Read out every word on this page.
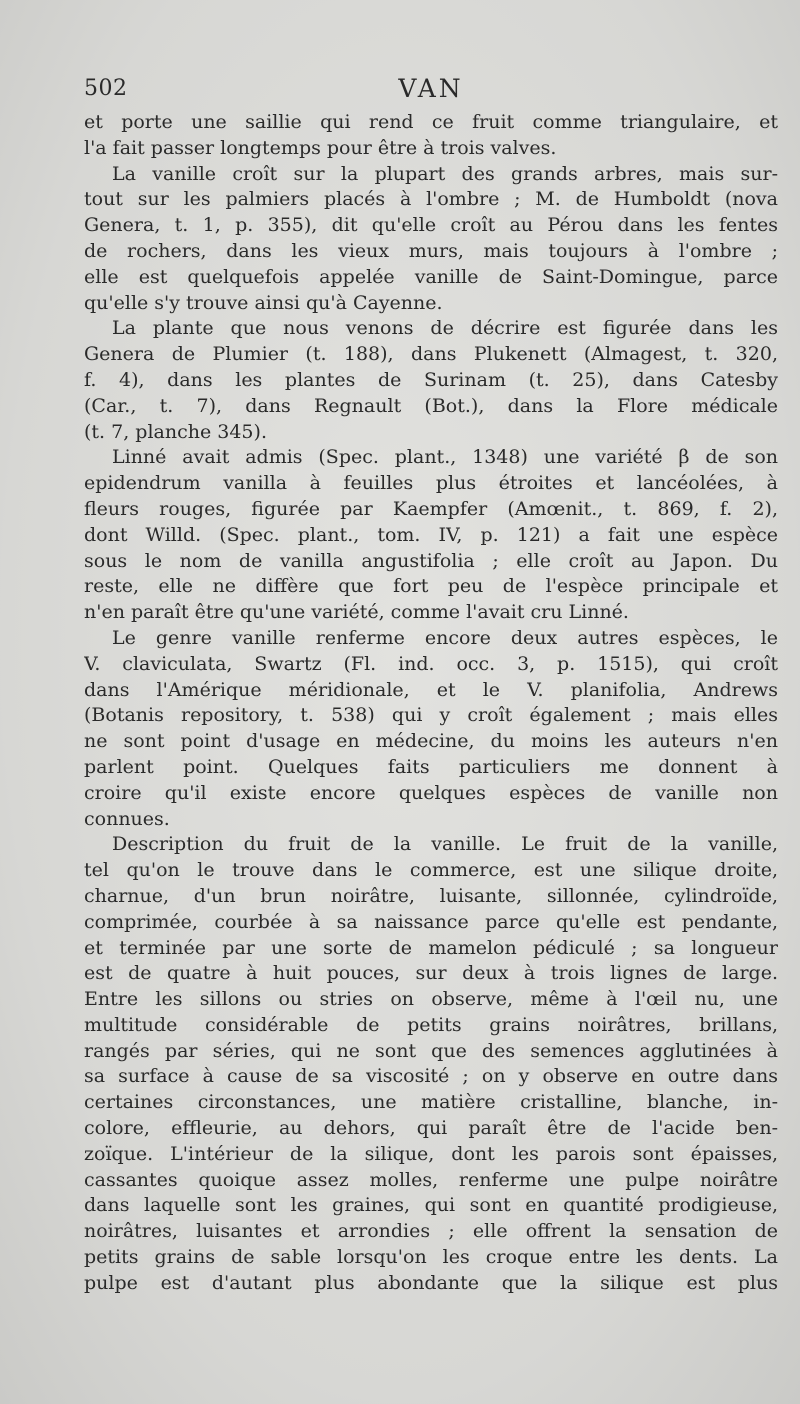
502	VAN
et porte une saillie qui rend ce fruit comme triangulaire, et
l'a fait passer longtemps pour être à trois valves.
La vanille croît sur la plupart des grands arbres, mais sur-
tout sur les palmiers placés à l'ombre ; M. de Humboldt (nova
Genera, t. 1, p. 355), dit qu'elle croît au Pérou dans les fentes
de rochers, dans les vieux murs, mais toujours à l'ombre ;
elle est quelquefois appelée vanille de Saint-Domingue, parce
qu'elle s'y trouve ainsi qu'à Cayenne.
La plante que nous venons de décrire est figurée dans les
Genera de Plumier (t. 188), dans Plukenett (Almagest, t. 320,
f. 4), dans les plantes de Surinam (t. 25), dans Catesby
(Car., t. 7), dans Regnault (Bot.), dans la Flore médicale
(t. 7, planche 345).
Linné avait admis (Spec. plant., 1348) une variété β de son
epidendrum vanilla à feuilles plus étroites et lancéolées, à
fleurs rouges, figurée par Kaempfer (Amœnit., t. 869, f. 2),
dont Willd. (Spec. plant., tom. IV, p. 121) a fait une espèce
sous le nom de vanilla angustifolia ; elle croît au Japon. Du
reste, elle ne diffère que fort peu de l'espèce principale et
n'en paraît être qu'une variété, comme l'avait cru Linné.
Le genre vanille renferme encore deux autres espèces, le
V. claviculata, Swartz (Fl. ind. occ. 3, p. 1515), qui croît
dans l'Amérique méridionale, et le V. planifolia, Andrews
(Botanis repository, t. 538) qui y croît également ; mais elles
ne sont point d'usage en médecine, du moins les auteurs n'en
parlent point. Quelques faits particuliers me donnent à
croire qu'il existe encore quelques espèces de vanille non
connues.
Description du fruit de la vanille. Le fruit de la vanille,
tel qu'on le trouve dans le commerce, est une silique droite,
charnue, d'un brun noirâtre, luisante, sillonnée, cylindroïde,
comprimée, courbée à sa naissance parce qu'elle est pendante,
et terminée par une sorte de mamelon pédiculé ; sa longueur
est de quatre à huit pouces, sur deux à trois lignes de large.
Entre les sillons ou stries on observe, même à l'œil nu, une
multitude considérable de petits grains noirâtres, brillans,
rangés par séries, qui ne sont que des semences agglutinées à
sa surface à cause de sa viscosité ; on y observe en outre dans
certaines circonstances, une matière cristalline, blanche, in-
colore, effleurie, au dehors, qui paraît être de l'acide ben-
zoïque. L'intérieur de la silique, dont les parois sont épaisses,
cassantes quoique assez molles, renferme une pulpe noirâtre
dans laquelle sont les graines, qui sont en quantité prodigieuse,
noirâtres, luisantes et arrondies ; elle offrent la sensation de
petits grains de sable lorsqu'on les croque entre les dents. La
pulpe est d'autant plus abondante que la silique est plus
